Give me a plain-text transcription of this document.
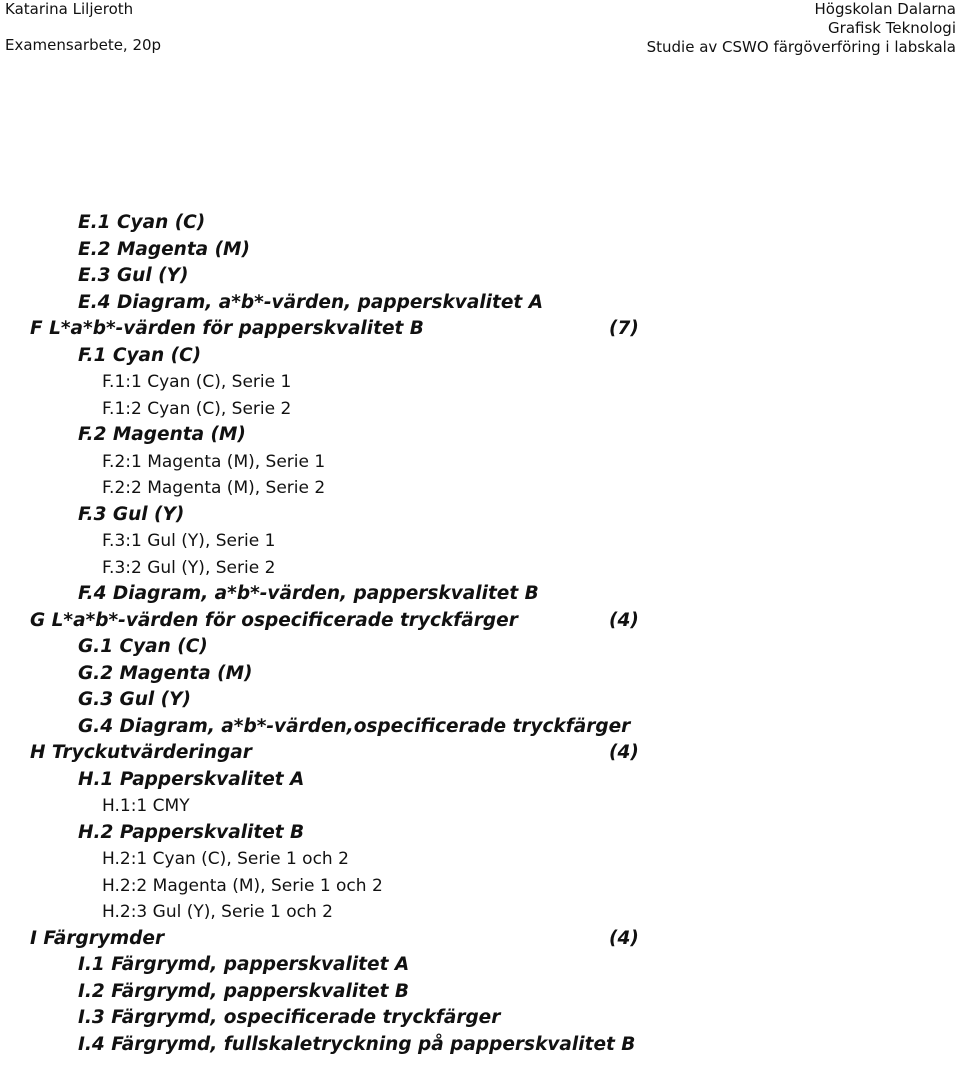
Katarina Liljeroth
Examensarbete, 20p
Högskolan Dalarna
Grafisk Teknologi
Studie av CSWO färgöverföring i labskala
E.1 Cyan (C)
E.2 Magenta (M)
E.3 Gul (Y)
E.4 Diagram, a*b*-värden, papperskvalitet A
F L*a*b*-värden för papperskvalitet B	(7)
F.1 Cyan (C)
F.1:1 Cyan (C), Serie 1
F.1:2 Cyan (C), Serie 2
F.2 Magenta (M)
F.2:1 Magenta (M), Serie 1
F.2:2 Magenta (M), Serie 2
F.3 Gul (Y)
F.3:1 Gul (Y), Serie 1
F.3:2 Gul (Y), Serie 2
F.4 Diagram, a*b*-värden, papperskvalitet B
G L*a*b*-värden för ospecificerade tryckfärger	(4)
G.1 Cyan (C)
G.2 Magenta (M)
G.3 Gul (Y)
G.4 Diagram, a*b*-värden,ospecificerade tryckfärger
H Tryckutvärderingar	(4)
H.1 Papperskvalitet A
H.1:1 CMY
H.2 Papperskvalitet B
H.2:1 Cyan (C), Serie 1 och 2
H.2:2 Magenta (M), Serie 1 och 2
H.2:3 Gul (Y), Serie 1 och 2
I Färgrymder	(4)
I.1 Färgrymd, papperskvalitet A
I.2 Färgrymd, papperskvalitet B
I.3 Färgrymd, ospecificerade tryckfärger
I.4 Färgrymd, fullskaletryckning på papperskvalitet B
